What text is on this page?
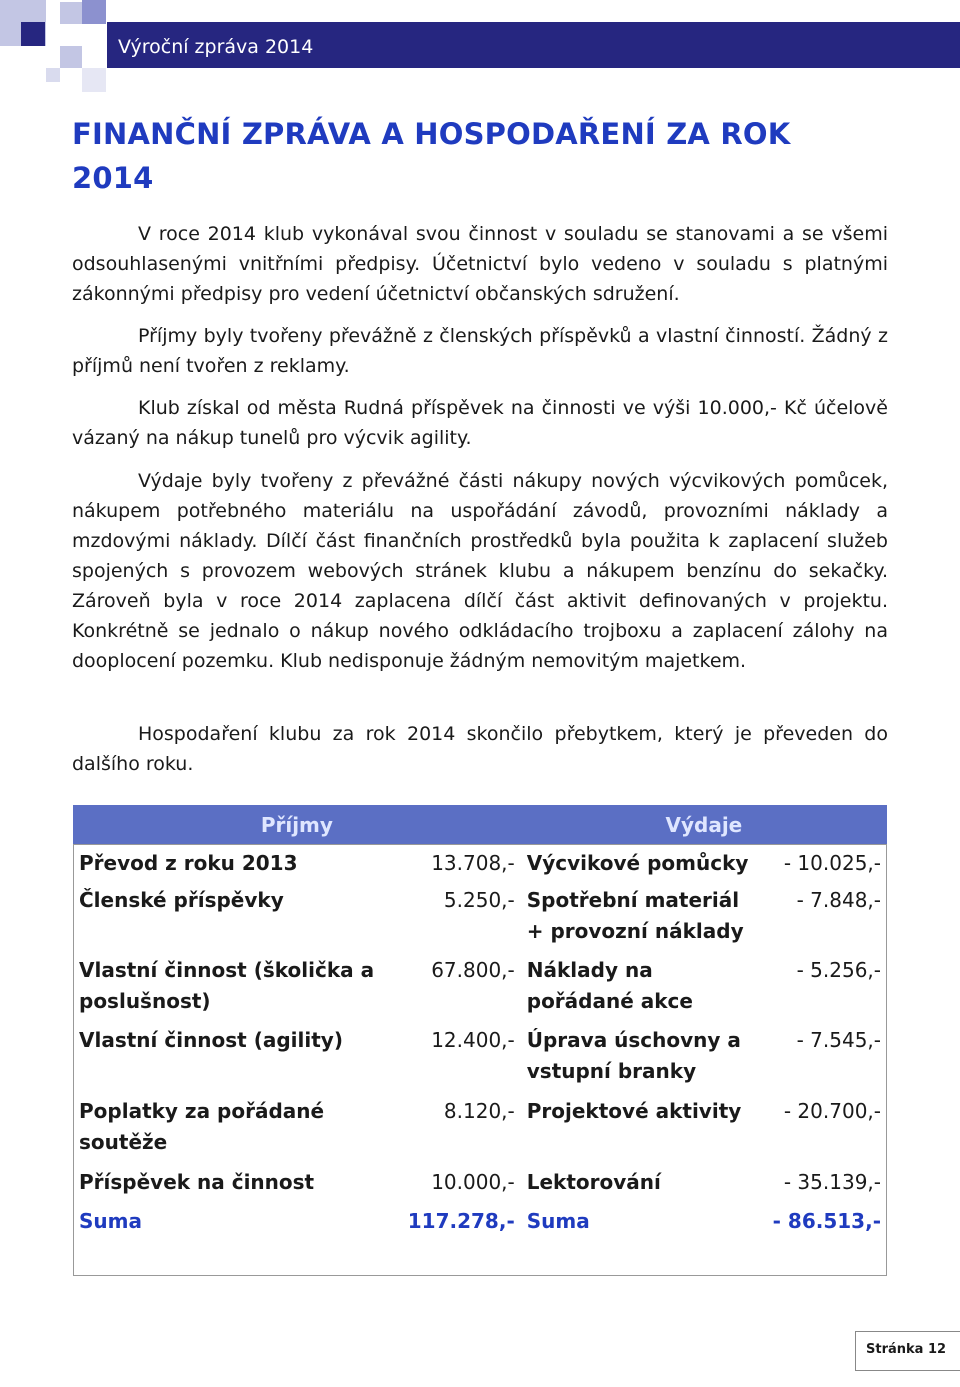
Výroční zpráva 2014
FINANČNÍ ZPRÁVA A HOSPODAŘENÍ ZA ROK 2014

V roce 2014 klub vykonával svou činnost v souladu se stanovami a se všemi odsouhlasenými vnitřními předpisy. Účetnictví bylo vedeno v souladu s platnými zákonnými předpisy pro vedení účetnictví občanských sdružení.

Příjmy byly tvořeny převážně z členských příspěvků a vlastní činností. Žádný z příjmů není tvořen z reklamy.

Klub získal od města Rudná příspěvek na činnosti ve výši 10.000,- Kč účelově vázaný na nákup tunelů pro výcvik agility.

Výdaje byly tvořeny z převážné části nákupy nových výcvikových pomůcek, nákupem potřebného materiálu na uspořádání závodů, provozními náklady a mzdovými náklady. Dílčí část finančních prostředků byla použita k zaplacení služeb spojených s provozem webových stránek klubu a nákupem benzínu do sekačky. Zároveň byla v roce 2014 zaplacena dílčí část aktivit definovaných v projektu. Konkrétně se jednalo o nákup nového odkládacího trojboxu a zaplacení zálohy na dooplocení pozemku. Klub nedisponuje žádným nemovitým majetkem.

Hospodaření klubu za rok 2014 skončilo přebytkem, který je převeden do dalšího roku.

Příjmy		Výdaje	
Převod z roku 2013	13.708,-	Výcvikové pomůcky	- 10.025,-
Členské příspěvky	5.250,-	Spotřební materiál + provozní náklady	- 7.848,-
Vlastní činnost (školička a poslušnost)	67.800,-	Náklady na pořádané akce	- 5.256,-
Vlastní činnost (agility)	12.400,-	Úprava úschovny a vstupní branky	- 7.545,-
Poplatky za pořádané soutěže	8.120,-	Projektové aktivity	- 20.700,-
Příspěvek na činnost	10.000,-	Lektorování	- 35.139,-
Suma	117.278,-	Suma	- 86.513,-
Stránka 12
